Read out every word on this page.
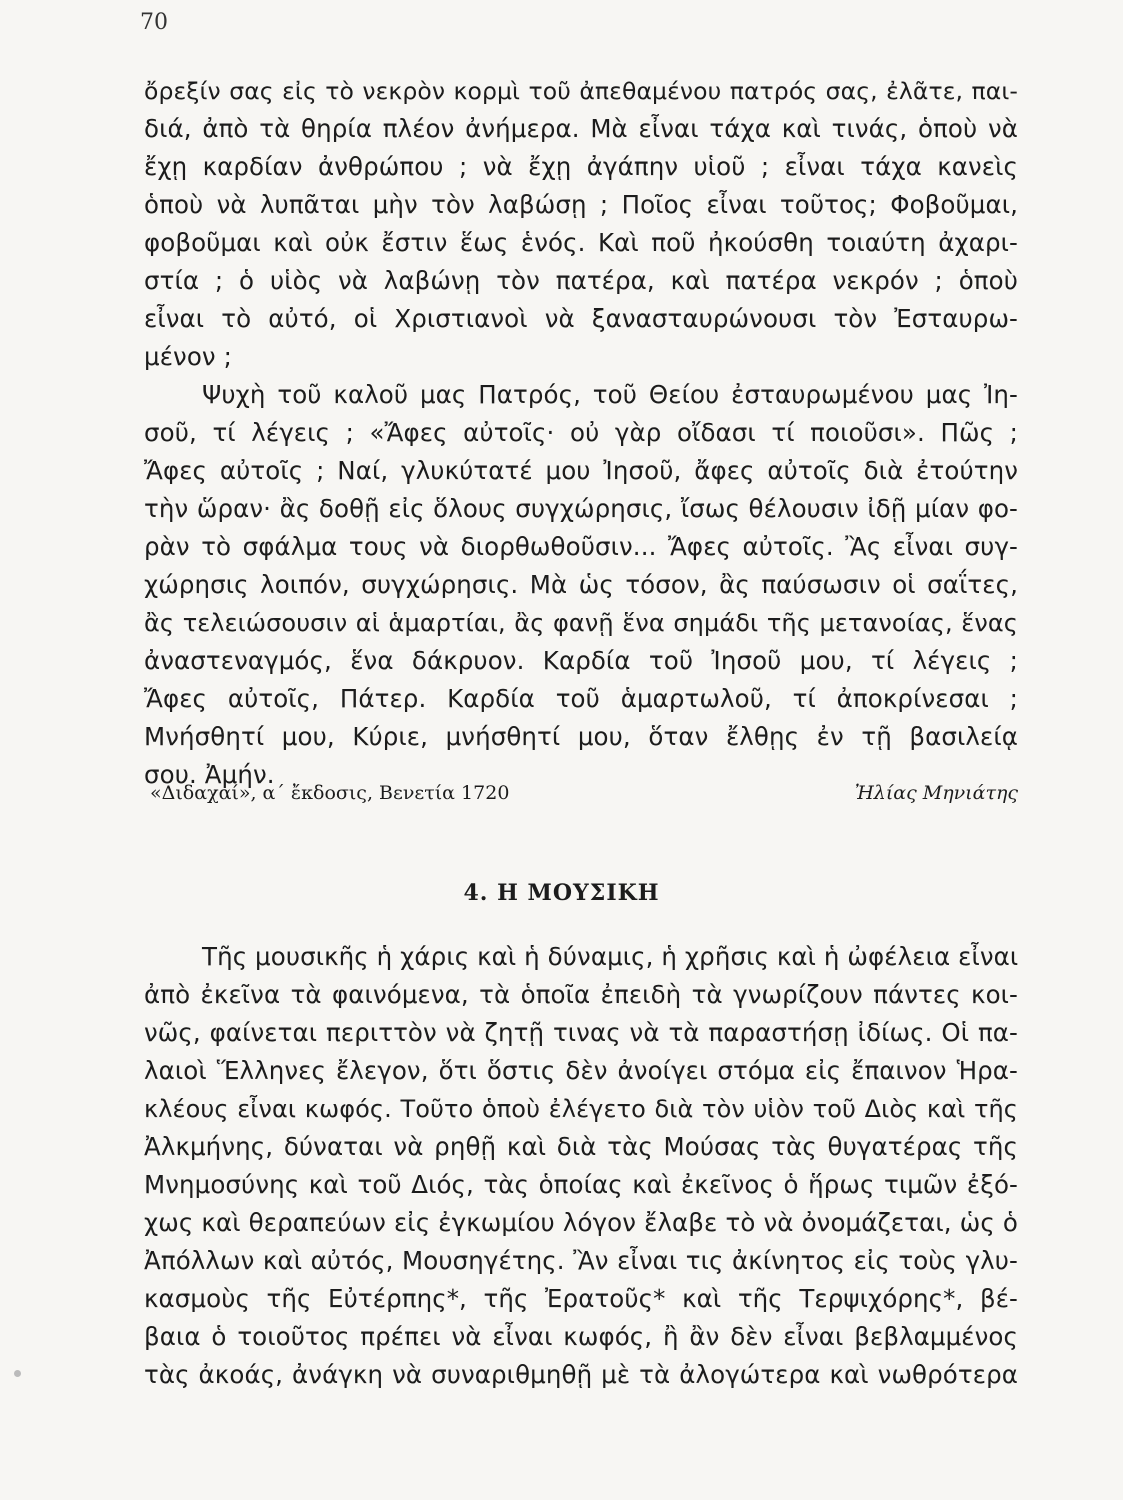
70
ὄρεξίν σας εἰς τὸ νεκρὸν κορμὶ τοῦ ἀπεθαμένου πατρός σας, ἐλᾶτε, παι-
διά, ἀπὸ τὰ θηρία πλέον ἀνήμερα. Μὰ εἶναι τάχα καὶ τινάς, ὁποὺ νὰ
ἔχῃ καρδίαν ἀνθρώπου ; νὰ ἔχῃ ἀγάπην υἱοῦ ; εἶναι τάχα κανεὶς
ὁποὺ νὰ λυπᾶται μὴν τὸν λαβώσῃ ; Ποῖος εἶναι τοῦτος; Φοβοῦμαι,
φοβοῦμαι καὶ οὐκ ἔστιν ἕως ἑνός. Καὶ ποῦ ἠκούσθη τοιαύτη ἀχαρι-
στία ; ὁ υἱὸς νὰ λαβώνῃ τὸν πατέρα, καὶ πατέρα νεκρόν ; ὁποὺ
εἶναι τὸ αὐτό, οἱ Χριστιανοὶ νὰ ξανασταυρώνουσι τὸν Ἐσταυρω-
μένον ;
Ψυχὴ τοῦ καλοῦ μας Πατρός, τοῦ Θείου ἐσταυρωμένου μας Ἰη-
σοῦ, τί λέγεις ; «Ἄφες αὐτοῖς· οὐ γὰρ οἴδασι τί ποιοῦσι». Πῶς ;
Ἄφες αὐτοῖς ; Ναί, γλυκύτατέ μου Ἰησοῦ, ἄφες αὐτοῖς διὰ ἐτούτην
τὴν ὥραν· ἂς δοθῇ εἰς ὅλους συγχώρησις, ἴσως θέλουσιν ἰδῇ μίαν φο-
ρὰν τὸ σφάλμα τους νὰ διορθωθοῦσιν... Ἄφες αὐτοῖς. Ἂς εἶναι συγ-
χώρησις λοιπόν, συγχώρησις. Μὰ ὡς τόσον, ἂς παύσωσιν οἱ σαΐτες,
ἂς τελειώσουσιν αἱ ἁμαρτίαι, ἂς φανῇ ἕνα σημάδι τῆς μετανοίας, ἕνας
ἀναστεναγμός, ἕνα δάκρυον. Καρδία τοῦ Ἰησοῦ μου, τί λέγεις ;
Ἄφες αὐτοῖς, Πάτερ. Καρδία τοῦ ἁμαρτωλοῦ, τί ἀποκρίνεσαι ;
Μνήσθητί μου, Κύριε, μνήσθητί μου, ὅταν ἔλθῃς ἐν τῇ βασιλείᾳ
σου. Ἀμήν.
«Διδαχαί», α΄ ἔκδοσις, Βενετία 1720	Ἠλίας Μηνιάτης
4. Η ΜΟΥΣΙΚΗ
Τῆς μουσικῆς ἡ χάρις καὶ ἡ δύναμις, ἡ χρῆσις καὶ ἡ ὠφέλεια εἶναι
ἀπὸ ἐκεῖνα τὰ φαινόμενα, τὰ ὁποῖα ἐπειδὴ τὰ γνωρίζουν πάντες κοι-
νῶς, φαίνεται περιττὸν νὰ ζητῇ τινας νὰ τὰ παραστήσῃ ἰδίως. Οἱ πα-
λαιοὶ Ἕλληνες ἔλεγον, ὅτι ὅστις δὲν ἀνοίγει στόμα εἰς ἔπαινον Ἡρα-
κλέους εἶναι κωφός. Τοῦτο ὁποὺ ἐλέγετο διὰ τὸν υἱὸν τοῦ Διὸς καὶ τῆς
Ἀλκμήνης, δύναται νὰ ρηθῇ καὶ διὰ τὰς Μούσας τὰς θυγατέρας τῆς
Μνημοσύνης καὶ τοῦ Διός, τὰς ὁποίας καὶ ἐκεῖνος ὁ ἥρως τιμῶν ἐξό-
χως καὶ θεραπεύων εἰς ἐγκωμίου λόγον ἔλαβε τὸ νὰ ὀνομάζεται, ὡς ὁ
Ἀπόλλων καὶ αὐτός, Μουσηγέτης. Ἂν εἶναι τις ἀκίνητος εἰς τοὺς γλυ-
κασμοὺς τῆς Εὐτέρπης*, τῆς Ἐρατοῦς* καὶ τῆς Τερψιχόρης*, βέ-
βαια ὁ τοιοῦτος πρέπει νὰ εἶναι κωφός, ἢ ἂν δὲν εἶναι βεβλαμμένος
τὰς ἀκοάς, ἀνάγκη νὰ συναριθμηθῇ μὲ τὰ ἀλογώτερα καὶ νωθρότερα
